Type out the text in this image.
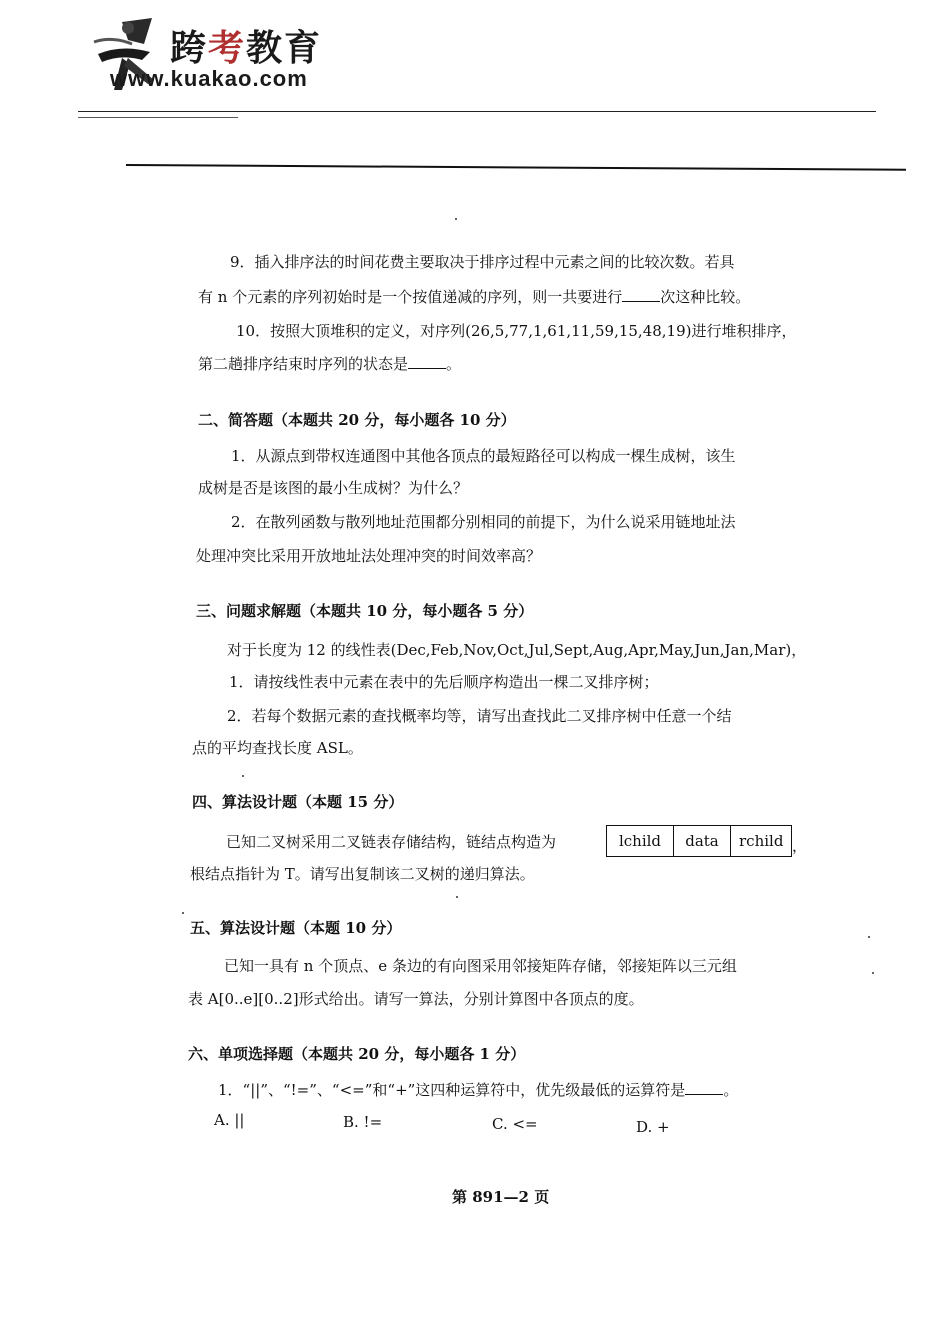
跨考教育
www.kuakao.com
9．插入排序法的时间花费主要取决于排序过程中元素之间的比较次数。若具
有 n 个元素的序列初始时是一个按值递减的序列，则一共要进行	次这种比较。
10．按照大顶堆积的定义，对序列(26,5,77,1,61,11,59,15,48,19)进行堆积排序，
第二趟排序结束时序列的状态是	。
二、简答题（本题共 20 分，每小题各 10 分）
1．从源点到带权连通图中其他各顶点的最短路径可以构成一棵生成树，该生
成树是否是该图的最小生成树？为什么？
2．在散列函数与散列地址范围都分别相同的前提下，为什么说采用链地址法
处理冲突比采用开放地址法处理冲突的时间效率高？
三、问题求解题（本题共 10 分，每小题各 5 分）
对于长度为 12 的线性表(Dec,Feb,Nov,Oct,Jul,Sept,Aug,Apr,May,Jun,Jan,Mar)，
1．请按线性表中元素在表中的先后顺序构造出一棵二叉排序树；
2．若每个数据元素的查找概率均等，请写出查找此二叉排序树中任意一个结
点的平均查找长度 ASL。
四、算法设计题（本题 15 分）
已知二叉树采用二叉链表存储结构，链结点构造为	lchild	data	rchild ，
根结点指针为 T。请写出复制该二叉树的递归算法。
五、算法设计题（本题 10 分）
已知一具有 n 个顶点、e 条边的有向图采用邻接矩阵存储，邻接矩阵以三元组
表 A[0..e][0..2]形式给出。请写一算法，分别计算图中各顶点的度。
六、单项选择题（本题共 20 分，每小题各 1 分）
1．“||”、“!=”、“<=”和“+”这四种运算符中，优先级最低的运算符是	。
A. ||	B. !=	C. <=	D. +
第 891—2 页
